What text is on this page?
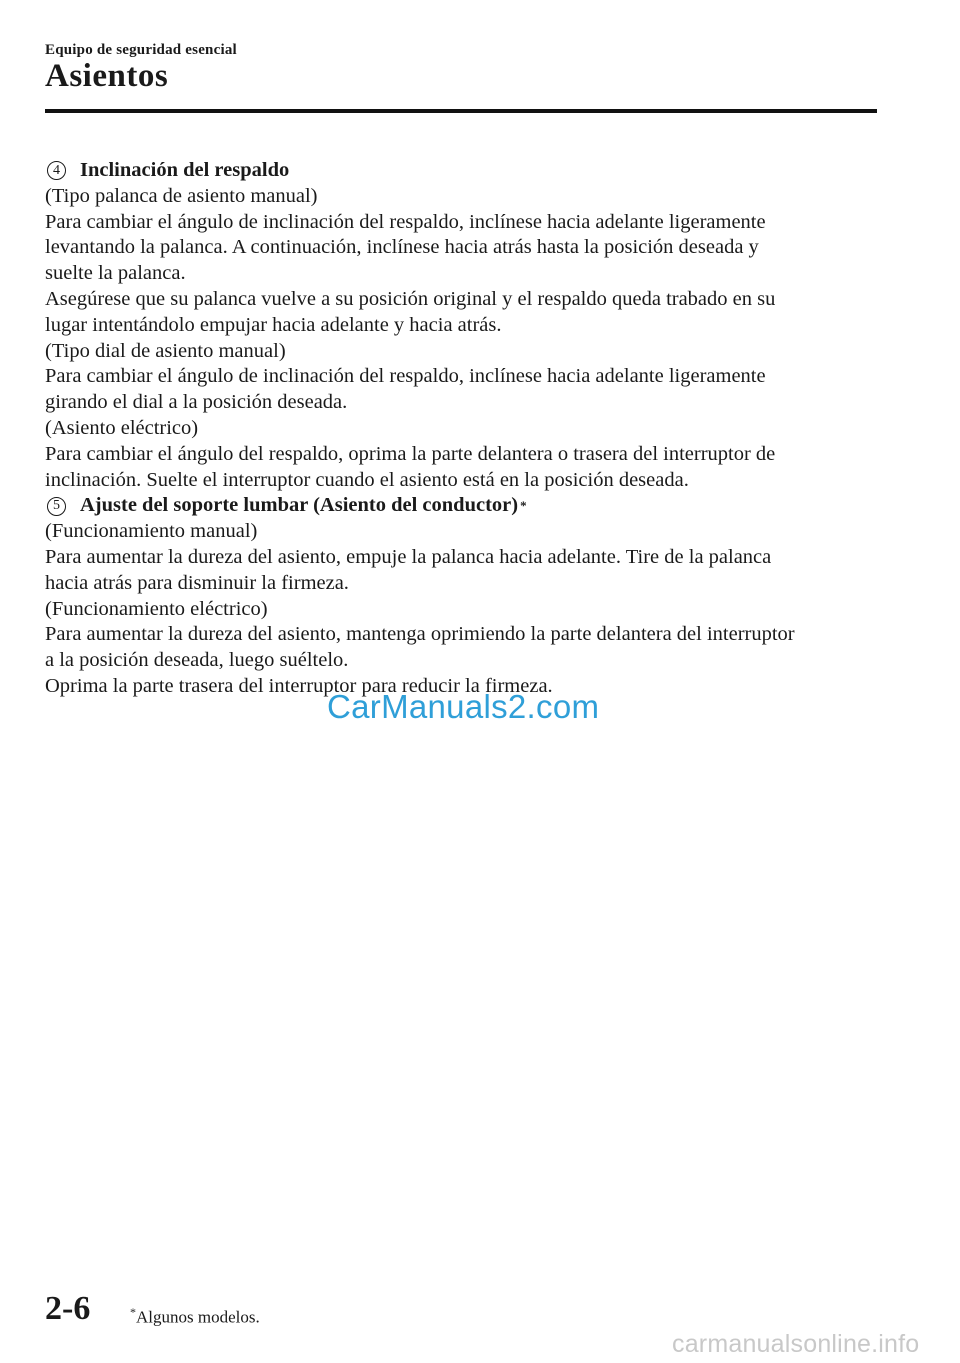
Equipo de seguridad esencial
Asientos

4 Inclinación del respaldo

(Tipo palanca de asiento manual)

Para cambiar el ángulo de inclinación del respaldo, inclínese hacia adelante ligeramente

levantando la palanca. A continuación, inclínese hacia atrás hasta la posición deseada y

suelte la palanca.

Asegúrese que su palanca vuelve a su posición original y el respaldo queda trabado en su

lugar intentándolo empujar hacia adelante y hacia atrás.

(Tipo dial de asiento manual)

Para cambiar el ángulo de inclinación del respaldo, inclínese hacia adelante ligeramente

girando el dial a la posición deseada.

(Asiento eléctrico)

Para cambiar el ángulo del respaldo, oprima la parte delantera o trasera del interruptor de

inclinación. Suelte el interruptor cuando el asiento está en la posición deseada.

5 Ajuste del soporte lumbar (Asiento del conductor) *

(Funcionamiento manual)

Para aumentar la dureza del asiento, empuje la palanca hacia adelante. Tire de la palanca

hacia atrás para disminuir la firmeza.

(Funcionamiento eléctrico)

Para aumentar la dureza del asiento, mantenga oprimiendo la parte delantera del interruptor

a la posición deseada, luego suéltelo.

Oprima la parte trasera del interruptor para reducir la firmeza.

CarManuals2.com
2-6	*Algunos modelos.
carmanualsonline.info
